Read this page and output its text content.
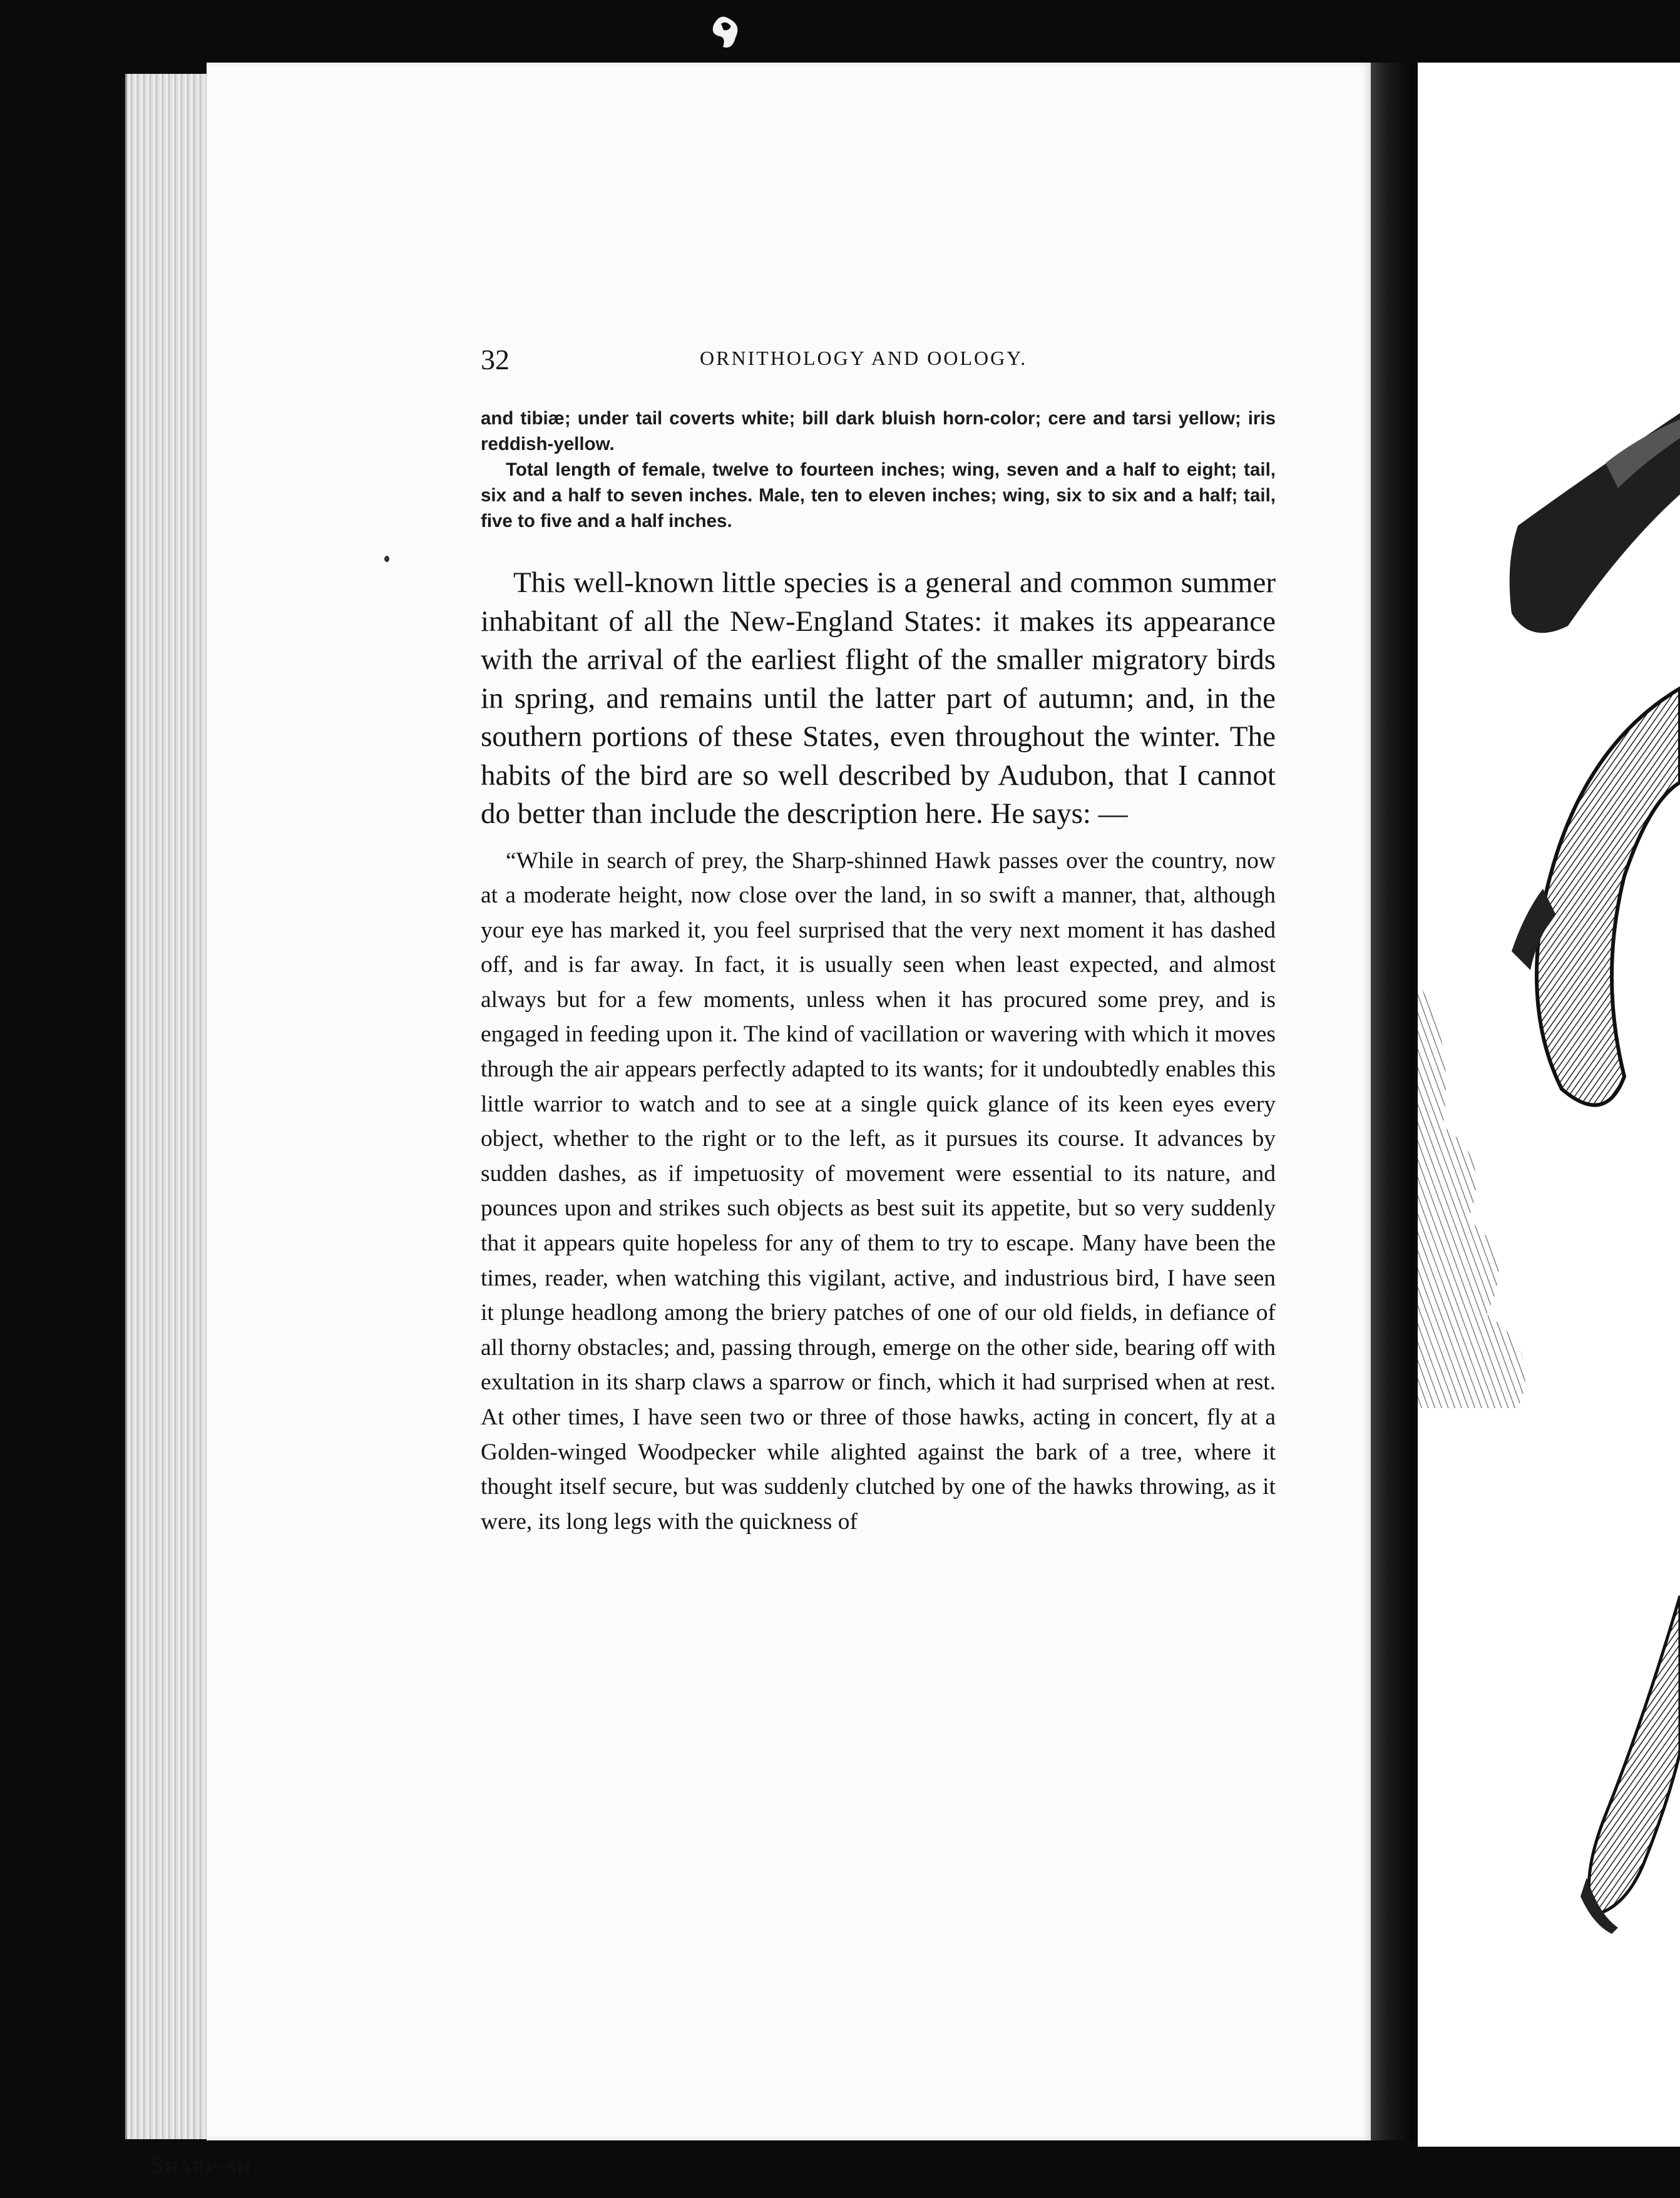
Sharp-sh
32	ORNITHOLOGY AND OOLOGY.

and tibiæ; under tail coverts white; bill dark bluish horn-color; cere and tarsi yellow; iris reddish-yellow.

Total length of female, twelve to fourteen inches; wing, seven and a half to eight; tail, six and a half to seven inches. Male, ten to eleven inches; wing, six to six and a half; tail, five to five and a half inches.

This well-known little species is a general and common summer inhabitant of all the New-England States: it makes its appearance with the arrival of the earliest flight of the smaller migratory birds in spring, and remains until the latter part of autumn; and, in the southern portions of these States, even throughout the winter. The habits of the bird are so well described by Audubon, that I cannot do better than include the description here. He says: —

“While in search of prey, the Sharp-shinned Hawk passes over the country, now at a moderate height, now close over the land, in so swift a manner, that, although your eye has marked it, you feel surprised that the very next moment it has dashed off, and is far away. In fact, it is usually seen when least expected, and almost always but for a few moments, unless when it has procured some prey, and is engaged in feeding upon it. The kind of vacillation or wavering with which it moves through the air appears perfectly adapted to its wants; for it undoubtedly enables this little warrior to watch and to see at a single quick glance of its keen eyes every object, whether to the right or to the left, as it pursues its course. It advances by sudden dashes, as if impetuosity of movement were essential to its nature, and pounces upon and strikes such objects as best suit its appetite, but so very suddenly that it appears quite hopeless for any of them to try to escape. Many have been the times, reader, when watching this vigilant, active, and industrious bird, I have seen it plunge headlong among the briery patches of one of our old fields, in defiance of all thorny obstacles; and, passing through, emerge on the other side, bearing off with exultation in its sharp claws a sparrow or finch, which it had surprised when at rest. At other times, I have seen two or three of those hawks, acting in concert, fly at a Golden-winged Woodpecker while alighted against the bark of a tree, where it thought itself secure, but was suddenly clutched by one of the hawks throwing, as it were, its long legs with the quickness of
